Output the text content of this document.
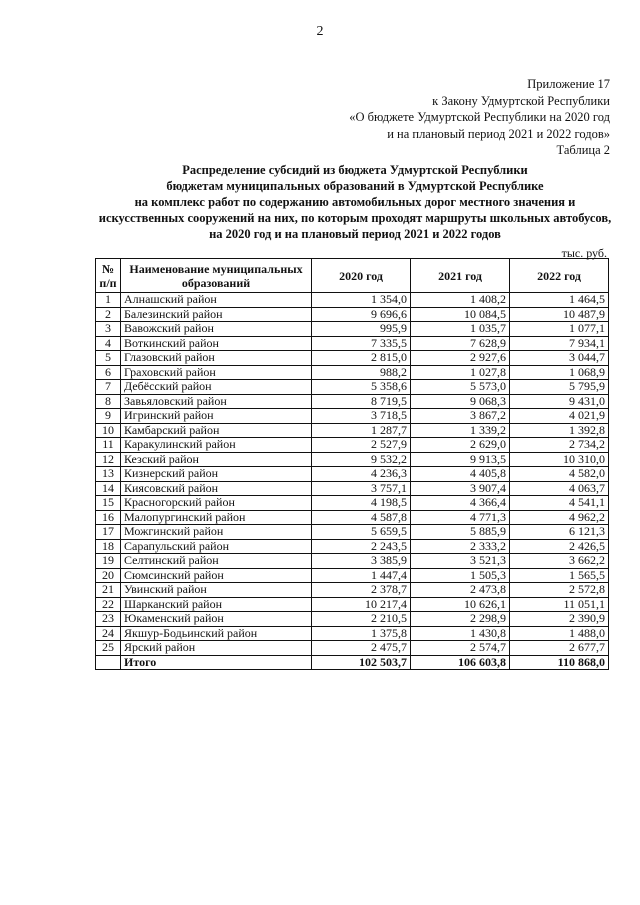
2
Приложение 17
к Закону Удмуртской Республики
«О бюджете Удмуртской Республики на 2020 год
и на плановый период 2021 и 2022 годов»
Таблица 2
Распределение субсидий из бюджета Удмуртской Республики
бюджетам муниципальных образований в Удмуртской Республике
на комплекс работ по содержанию автомобильных дорог местного значения и
искусственных сооружений на них, по которым проходят маршруты школьных автобусов,
на 2020 год и на плановый период 2021 и 2022 годов
тыс. руб.
№ п/п	Наименование муниципальных образований	2020 год	2021 год	2022 год
1	Алнашский район	1 354,0	1 408,2	1 464,5
2	Балезинский район	9 696,6	10 084,5	10 487,9
3	Вавожский район	995,9	1 035,7	1 077,1
4	Воткинский район	7 335,5	7 628,9	7 934,1
5	Глазовский район	2 815,0	2 927,6	3 044,7
6	Граховский район	988,2	1 027,8	1 068,9
7	Дебёсский район	5 358,6	5 573,0	5 795,9
8	Завьяловский район	8 719,5	9 068,3	9 431,0
9	Игринский район	3 718,5	3 867,2	4 021,9
10	Камбарский район	1 287,7	1 339,2	1 392,8
11	Каракулинский район	2 527,9	2 629,0	2 734,2
12	Кезский район	9 532,2	9 913,5	10 310,0
13	Кизнерский район	4 236,3	4 405,8	4 582,0
14	Киясовский район	3 757,1	3 907,4	4 063,7
15	Красногорский район	4 198,5	4 366,4	4 541,1
16	Малопургинский район	4 587,8	4 771,3	4 962,2
17	Можгинский район	5 659,5	5 885,9	6 121,3
18	Сарапульский район	2 243,5	2 333,2	2 426,5
19	Селтинский район	3 385,9	3 521,3	3 662,2
20	Сюмсинский район	1 447,4	1 505,3	1 565,5
21	Увинский район	2 378,7	2 473,8	2 572,8
22	Шарканский район	10 217,4	10 626,1	11 051,1
23	Юкаменский район	2 210,5	2 298,9	2 390,9
24	Якшур-Бодьинский район	1 375,8	1 430,8	1 488,0
25	Ярский район	2 475,7	2 574,7	2 677,7
	Итого	102 503,7	106 603,8	110 868,0
